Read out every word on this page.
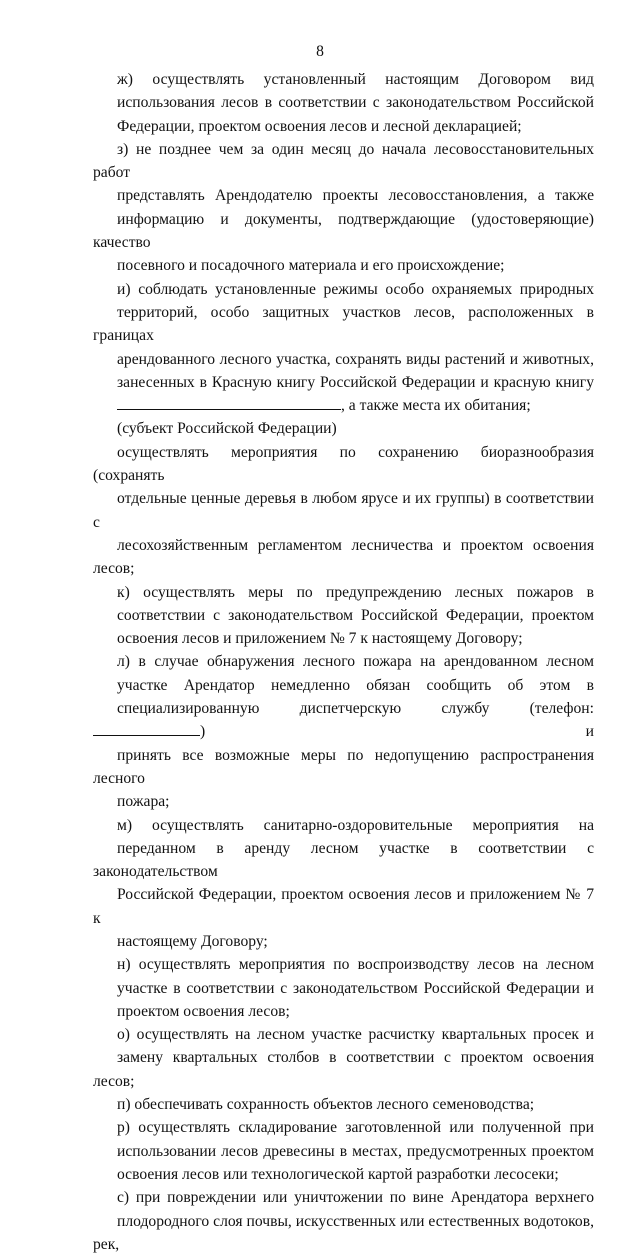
8
ж) осуществлять установленный настоящим Договором вид
использования лесов в соответствии с законодательством Российской
Федерации, проектом освоения лесов и лесной декларацией;
з) не позднее чем за один месяц до начала лесовосстановительных работ
представлять Арендодателю проекты лесовосстановления, а также
информацию и документы, подтверждающие (удостоверяющие) качество
посевного и посадочного материала и его происхождение;
и) соблюдать установленные режимы особо охраняемых природных
территорий, особо защитных участков лесов, расположенных в границах
арендованного лесного участка, сохранять виды растений и животных,
занесенных в Красную книгу Российской Федерации и красную книгу
, а также места их обитания;
(субъект Российской Федерации)
осуществлять мероприятия по сохранению биоразнообразия (сохранять
отдельные ценные деревья в любом ярусе и их группы) в соответствии с
лесохозяйственным регламентом лесничества и проектом освоения лесов;
к) осуществлять меры по предупреждению лесных пожаров в
соответствии с законодательством Российской Федерации, проектом
освоения лесов и приложением № 7 к настоящему Договору;
л) в случае обнаружения лесного пожара на арендованном лесном
участке Арендатор немедленно обязан сообщить об этом в
специализированную диспетчерскую службу (телефон: ) и
принять все возможные меры по недопущению распространения лесного
пожара;
м) осуществлять санитарно-оздоровительные мероприятия на
переданном в аренду лесном участке в соответствии с законодательством
Российской Федерации, проектом освоения лесов и приложением № 7 к
настоящему Договору;
н) осуществлять мероприятия по воспроизводству лесов на лесном
участке в соответствии с законодательством Российской Федерации и
проектом освоения лесов;
о) осуществлять на лесном участке расчистку квартальных просек и
замену квартальных столбов в соответствии с проектом освоения лесов;
п) обеспечивать сохранность объектов лесного семеноводства;
р) осуществлять складирование заготовленной или полученной при
использовании лесов древесины в местах, предусмотренных проектом
освоения лесов или технологической картой разработки лесосеки;
с) при повреждении или уничтожении по вине Арендатора верхнего
плодородного слоя почвы, искусственных или естественных водотоков, рек,
